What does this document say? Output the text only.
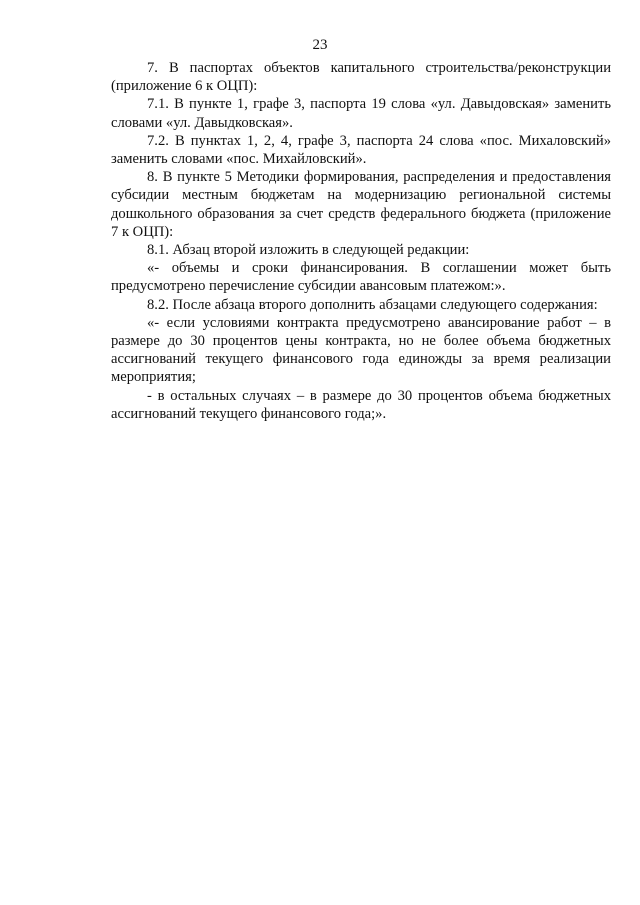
23

7. В паспортах объектов капитального строительства/реконструкции (приложение 6 к ОЦП):

7.1. В пункте 1, графе 3, паспорта 19 слова «ул. Давыдовская» заменить словами «ул. Давыдковская».

7.2. В пунктах 1, 2, 4, графе 3, паспорта 24 слова «пос. Михаловский» заменить словами «пос. Михайловский».

8. В пункте 5 Методики формирования, распределения и предоставления субсидии местным бюджетам на модернизацию региональной системы дошкольного образования за счет средств федерального бюджета (приложение 7 к ОЦП):

8.1. Абзац второй изложить в следующей редакции:

«- объемы и сроки финансирования. В соглашении может быть предусмотрено перечисление субсидии авансовым платежом:».

8.2. После абзаца второго дополнить абзацами следующего содержания:

«- если условиями контракта предусмотрено авансирование работ – в размере до 30 процентов цены контракта, но не более объема бюджетных ассигнований текущего финансового года единожды за время реализации мероприятия;

- в остальных случаях – в размере до 30 процентов объема бюджетных ассигнований текущего финансового года;».
